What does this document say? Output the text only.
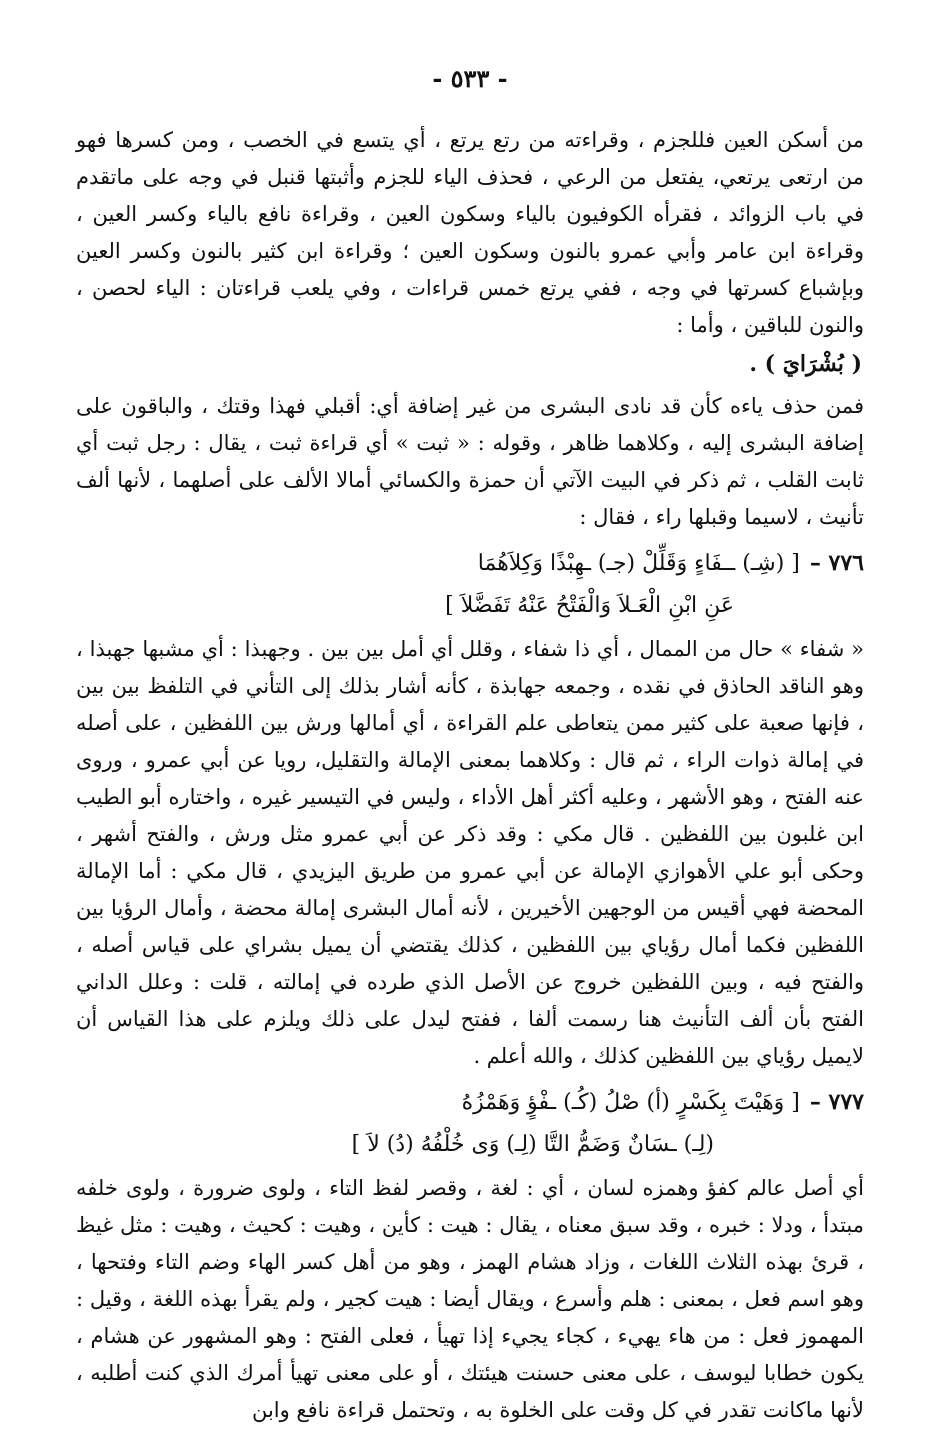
- ٥٣٣ -

من أسكن العين فللجزم ، وقراءته من رتع يرتع ، أي يتسع في الخصب ، ومن كسرها فهو من ارتعى يرتعي، يفتعل من الرعي ، فحذف الياء للجزم وأثبتها قنبل في وجه على ماتقدم في باب الزوائد ، فقرأه الكوفيون بالياء وسكون العين ، وقراءة نافع بالياء وكسر العين ، وقراءة ابن عامر وأبي عمرو بالنون وسكون العين ؛ وقراءة ابن كثير بالنون وكسر العين وبإشباع كسرتها في وجه ، ففي يرتع خمس قراءات ، وفي يلعب قراءتان : الياء لحصن ، والنون للباقين ، وأما :

( بُشْرَايَ ) .

فمن حذف ياءه كأن قد نادى البشرى من غير إضافة أي: أقبلي فهذا وقتك ، والباقون على إضافة البشرى إليه ، وكلاهما ظاهر ، وقوله : « ثبت » أي قراءة ثبت ، يقال : رجل ثبت أي ثابت القلب ، ثم ذكر في البيت الآتي أن حمزة والكسائي أمالا الألف على أصلهما ، لأنها ألف تأنيث ، لاسيما وقبلها راء ، فقال :

٧٧٦ –
[ (شِـ) ــفَاءٍ وَقَلِّلْ (جـ) ـهِبْذًا وَكِلاَهُمَا
عَنِ ابْنِ الْعَـلاَ وَالْفَتْحُ عَنْهُ تَفَضَّلاَ ]

« شفاء » حال من الممال ، أي ذا شفاء ، وقلل أي أمل بين بين . وجهبذا : أي مشبها جهبذا ، وهو الناقد الحاذق في نقده ، وجمعه جهابذة ، كأنه أشار بذلك إلى التأني في التلفظ بين بين ، فإنها صعبة على كثير ممن يتعاطى علم القراءة ، أي أمالها ورش بين اللفظين ، على أصله في إمالة ذوات الراء ، ثم قال : وكلاهما بمعنى الإمالة والتقليل، رويا عن أبي عمرو ، وروى عنه الفتح ، وهو الأشهر ، وعليه أكثر أهل الأداء ، وليس في التيسير غيره ، واختاره أبو الطيب ابن غلبون بين اللفظين . قال مكي : وقد ذكر عن أبي عمرو مثل ورش ، والفتح أشهر ، وحكى أبو علي الأهوازي الإمالة عن أبي عمرو من طريق اليزيدي ، قال مكي : أما الإمالة المحضة فهي أقيس من الوجهين الأخيرين ، لأنه أمال البشرى إمالة محضة ، وأمال الرؤيا بين اللفظين فكما أمال رؤياي بين اللفظين ، كذلك يقتضي أن يميل بشراي على قياس أصله ، والفتح فيه ، وبين اللفظين خروج عن الأصل الذي طرده في إمالته ، قلت : وعلل الداني الفتح بأن ألف التأنيث هنا رسمت ألفا ، ففتح ليدل على ذلك ويلزم على هذا القياس أن لايميل رؤياي بين اللفظين كذلك ، والله أعلم .

٧٧٧ –
[ وَهَيْتَ بِكَسْرٍ (أ) صْلُ (كُـ) ـفْؤٍ وَهَمْزُهُ
(لِـ) ـسَانٌ وَضَمُّ التَّا (لِـ) وَى خُلْفُهُ (دُ) لاَ ]

أي أصل عالم كفؤ وهمزه لسان ، أي : لغة ، وقصر لفظ التاء ، ولوى ضرورة ، ولوى خلفه مبتدأ ، ودلا : خبره ، وقد سبق معناه ، يقال : هيت : كأين ، وهيت : كحيث ، وهيت : مثل غيظ ، قرئ بهذه الثلاث اللغات ، وزاد هشام الهمز ، وهو من أهل كسر الهاء وضم التاء وفتحها ، وهو اسم فعل ، بمعنى : هلم وأسرع ، ويقال أيضا : هيت كجير ، ولم يقرأ بهذه اللغة ، وقيل : المهموز فعل : من هاء يهيء ، كجاء يجيء إذا تهيأ ، فعلى الفتح : وهو المشهور عن هشام ، يكون خطابا ليوسف ، على معنى حسنت هيئتك ، أو على معنى تهيأ أمرك الذي كنت أطلبه ، لأنها ماكانت تقدر في كل وقت على الخلوة به ، وتحتمل قراءة نافع وابن
